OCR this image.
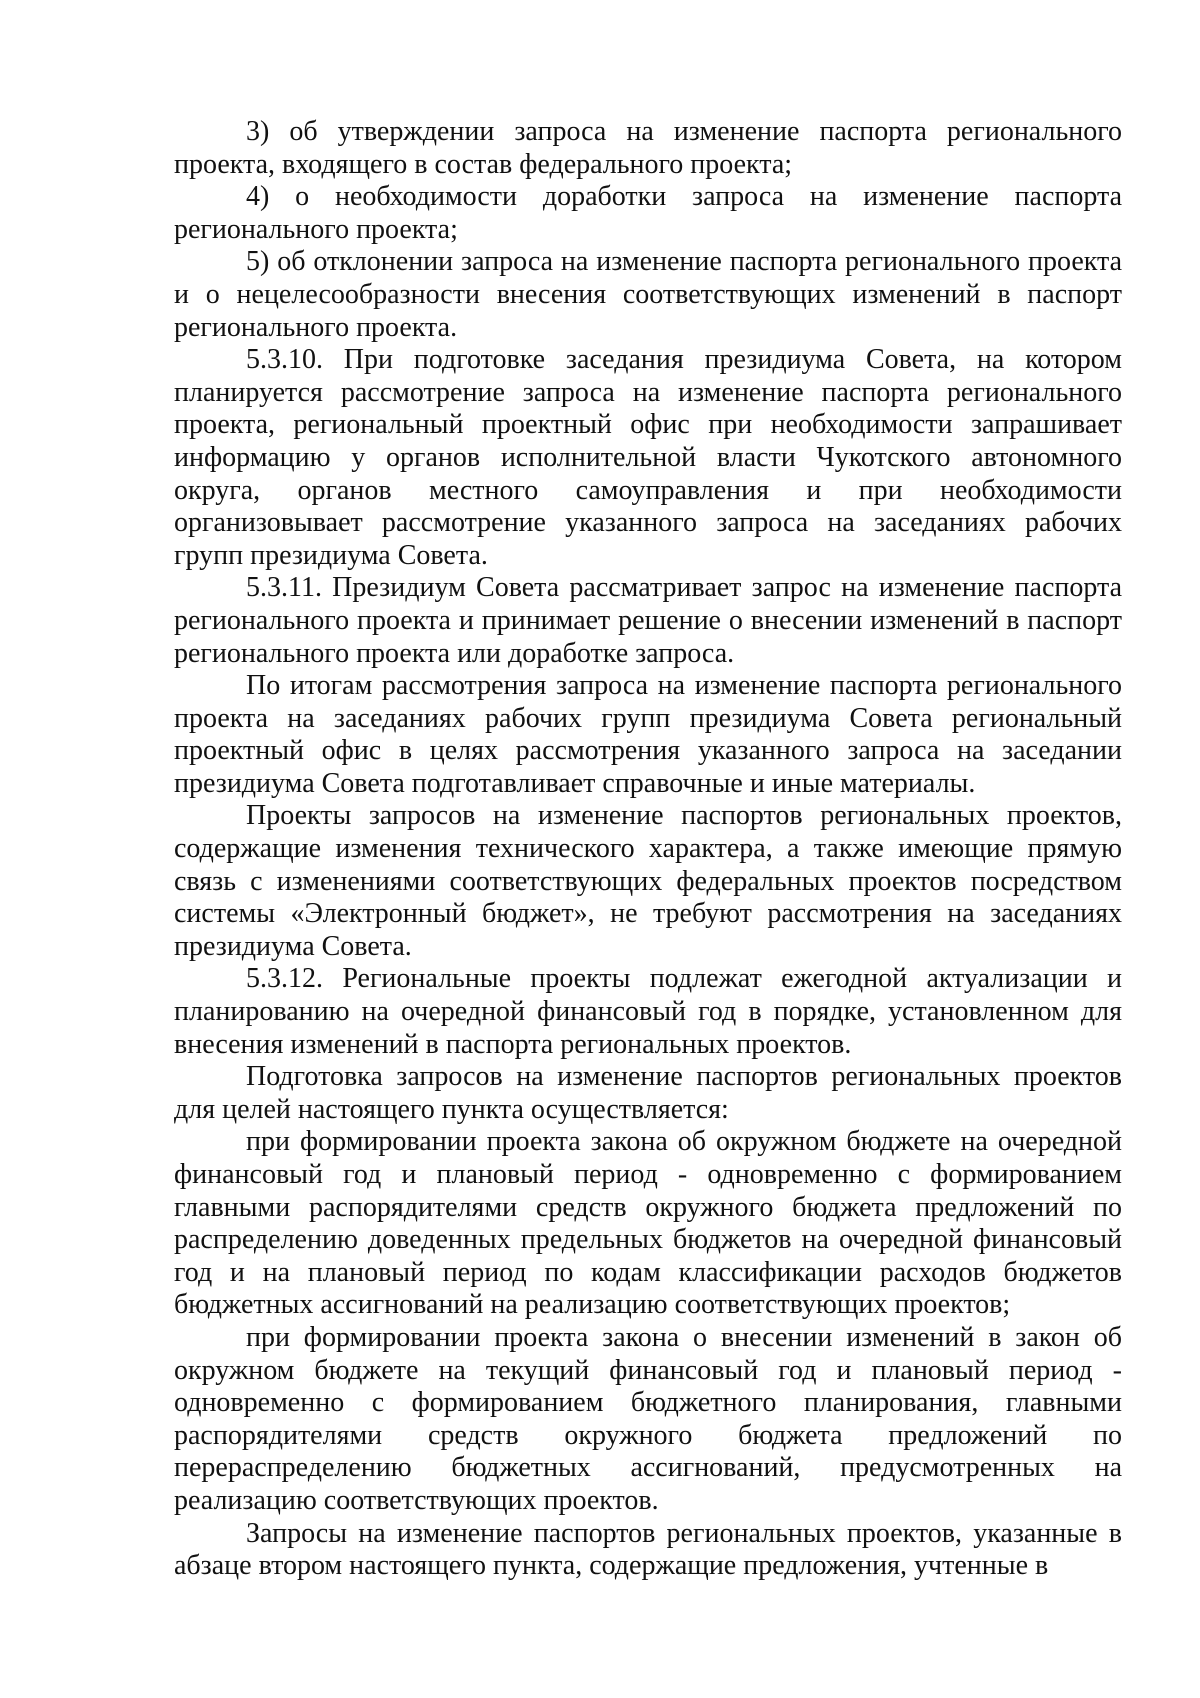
3) об утверждении запроса на изменение паспорта регионального проекта, входящего в состав федерального проекта;

4) о необходимости доработки запроса на изменение паспорта регионального проекта;

5) об отклонении запроса на изменение паспорта регионального проекта и о нецелесообразности внесения соответствующих изменений в паспорт регионального проекта.

5.3.10. При подготовке заседания президиума Совета, на котором планируется рассмотрение запроса на изменение паспорта регионального проекта, региональный проектный офис при необходимости запрашивает информацию у органов исполнительной власти Чукотского автономного округа, органов местного самоуправления и при необходимости организовывает рассмотрение указанного запроса на заседаниях рабочих групп президиума Совета.

5.3.11. Президиум Совета рассматривает запрос на изменение паспорта регионального проекта и принимает решение о внесении изменений в паспорт регионального проекта или доработке запроса.

По итогам рассмотрения запроса на изменение паспорта регионального проекта на заседаниях рабочих групп президиума Совета региональный проектный офис в целях рассмотрения указанного запроса на заседании президиума Совета подготавливает справочные и иные материалы.

Проекты запросов на изменение паспортов региональных проектов, содержащие изменения технического характера, а также имеющие прямую связь с изменениями соответствующих федеральных проектов посредством системы «Электронный бюджет», не требуют рассмотрения на заседаниях президиума Совета.

5.3.12. Региональные проекты подлежат ежегодной актуализации и планированию на очередной финансовый год в порядке, установленном для внесения изменений в паспорта региональных проектов.

Подготовка запросов на изменение паспортов региональных проектов для целей настоящего пункта осуществляется:

при формировании проекта закона об окружном бюджете на очередной финансовый год и плановый период - одновременно с формированием главными распорядителями средств окружного бюджета предложений по распределению доведенных предельных бюджетов на очередной финансовый год и на плановый период по кодам классификации расходов бюджетов бюджетных ассигнований на реализацию соответствующих проектов;

при формировании проекта закона о внесении изменений в закон об окружном бюджете на текущий финансовый год и плановый период - одновременно с формированием бюджетного планирования, главными распорядителями средств окружного бюджета предложений по перераспределению бюджетных ассигнований, предусмотренных на реализацию соответствующих проектов.

Запросы на изменение паспортов региональных проектов, указанные в абзаце втором настоящего пункта, содержащие предложения, учтенные в
